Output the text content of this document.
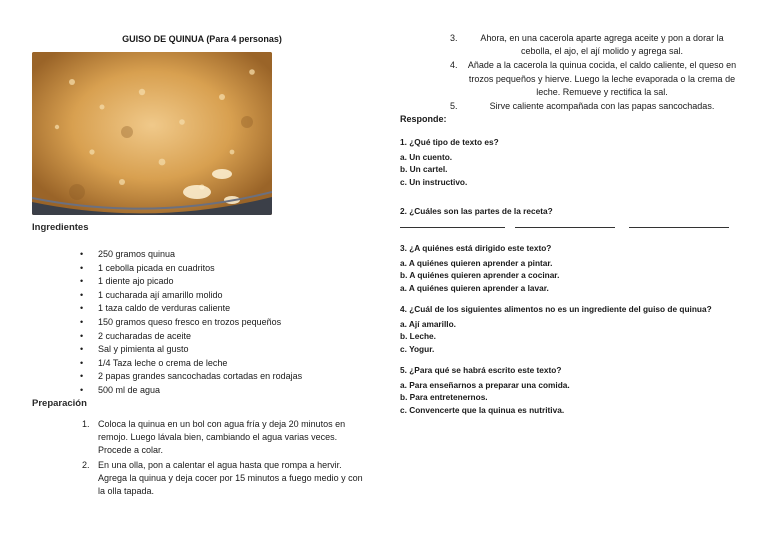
GUISO DE QUINUA (Para 4 personas)
Ingredientes
• 250 gramos quinua
• 1 cebolla picada en cuadritos
• 1 diente ajo picado
• 1 cucharada ají amarillo molido
• 1 taza caldo de verduras caliente
• 150 gramos queso fresco en trozos pequeños
• 2 cucharadas de aceite
• Sal y pimienta al gusto
• 1/4 Taza leche o crema de leche
• 2 papas grandes sancochadas cortadas en rodajas
• 500 ml de agua
Preparación
1. Coloca la quinua en un bol con agua fría y deja 20 minutos en remojo. Luego lávala bien, cambiando el agua varias veces. Procede a colar.
2. En una olla, pon a calentar el agua hasta que rompa a hervir. Agrega la quinua y deja cocer por 15 minutos a fuego medio y con la olla tapada.
3.	Ahora, en una cacerola aparte agrega aceite y pon a dorar la cebolla, el ajo, el ají molido y agrega sal.
4. Añade a la cacerola la quinua cocida, el caldo caliente, el queso en trozos pequeños y hierve. Luego la leche evaporada o la crema de leche. Remueve y rectifica la sal.
5.	Sirve caliente acompañada con las papas sancochadas.
Responde:
1. ¿Qué tipo de texto es?
a. Un cuento.
b. Un cartel.
c. Un instructivo.
2. ¿Cuáles son las partes de la receta?
3. ¿A quiénes está dirigido este texto?
a. A quiénes quieren aprender a pintar.
b. A quiénes quieren aprender a cocinar.
a. A quiénes quieren aprender a lavar.
4. ¿Cuál de los siguientes alimentos no es un ingrediente del guiso de quinua?
a. Ají amarillo.
b. Leche.
c. Yogur.
5. ¿Para qué se habrá escrito este texto?
a. Para enseñarnos a preparar una comida.
b. Para entretenernos.
c. Convencerte que la quinua es nutritiva.
